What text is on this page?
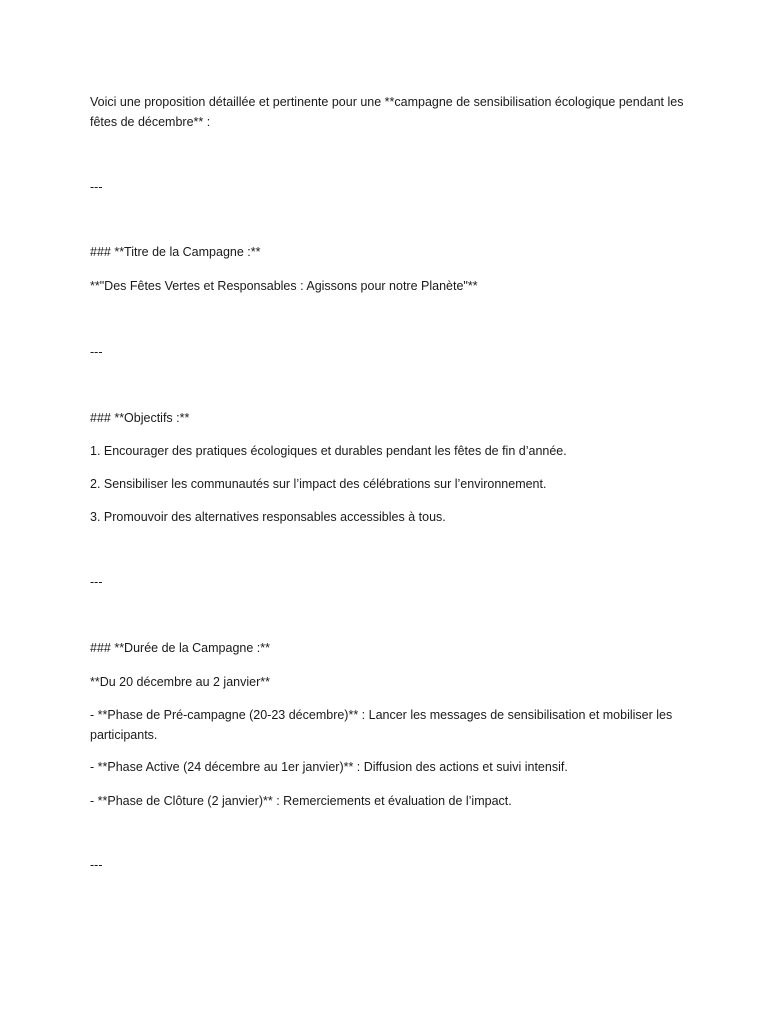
Voici une proposition détaillée et pertinente pour une **campagne de sensibilisation écologique pendant les fêtes de décembre** :

---

### **Titre de la Campagne :**

**"Des Fêtes Vertes et Responsables : Agissons pour notre Planète"**

---

### **Objectifs :**

1. Encourager des pratiques écologiques et durables pendant les fêtes de fin d’année.

2. Sensibiliser les communautés sur l’impact des célébrations sur l’environnement.

3. Promouvoir des alternatives responsables accessibles à tous.

---

### **Durée de la Campagne :**

**Du 20 décembre au 2 janvier**

- **Phase de Pré-campagne (20-23 décembre)** : Lancer les messages de sensibilisation et mobiliser les participants.

- **Phase Active (24 décembre au 1er janvier)** : Diffusion des actions et suivi intensif.

- **Phase de Clôture (2 janvier)** : Remerciements et évaluation de l’impact.

---
